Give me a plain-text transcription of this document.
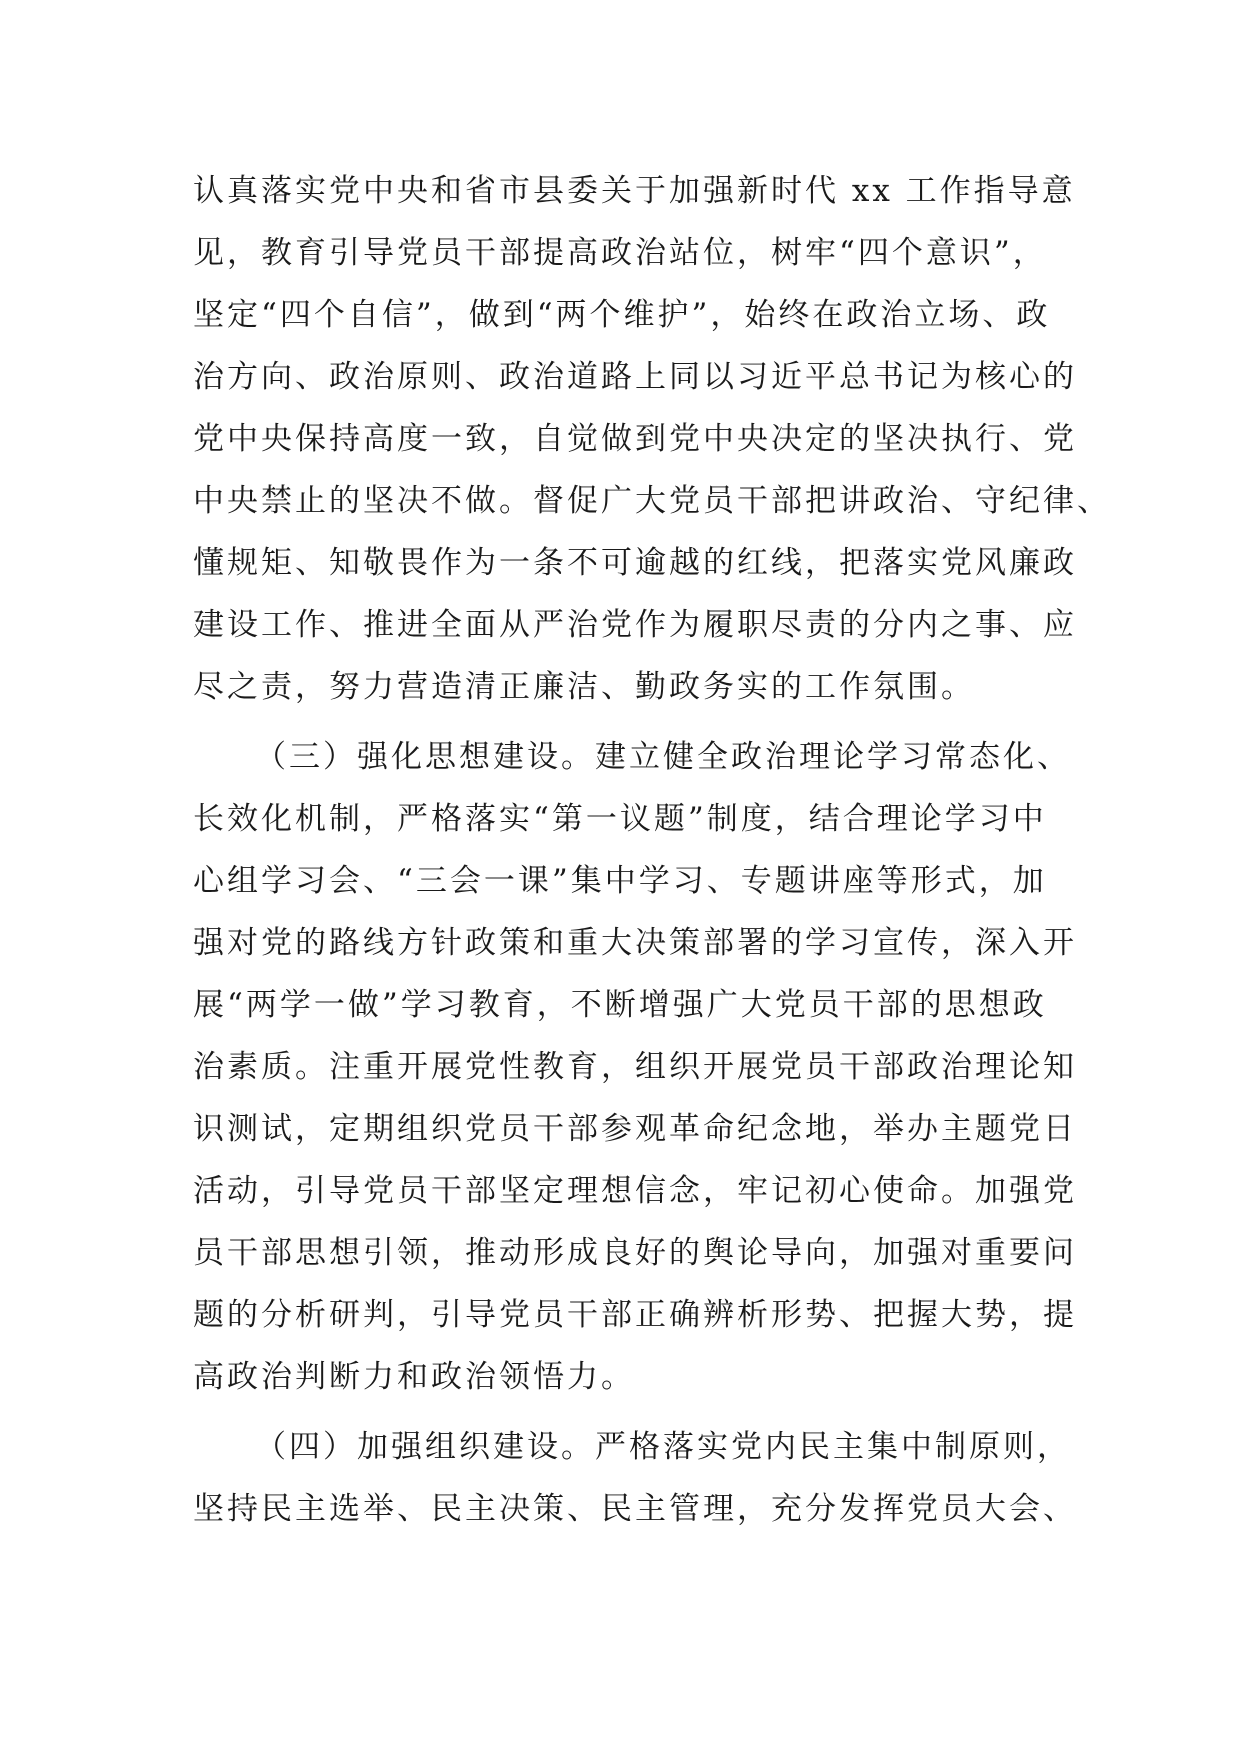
认真落实党中央和省市县委关于加强新时代 xx 工作指导意
见，教育引导党员干部提高政治站位，树牢“四个意识”，
坚定“四个自信”，做到“两个维护”，始终在政治立场、政
治方向、政治原则、政治道路上同以习近平总书记为核心的
党中央保持高度一致，自觉做到党中央决定的坚决执行、党
中央禁止的坚决不做。督促广大党员干部把讲政治、守纪律、
懂规矩、知敬畏作为一条不可逾越的红线，把落实党风廉政
建设工作、推进全面从严治党作为履职尽责的分内之事、应
尽之责，努力营造清正廉洁、勤政务实的工作氛围。
（三）强化思想建设。建立健全政治理论学习常态化、
长效化机制，严格落实“第一议题”制度，结合理论学习中
心组学习会、“三会一课”集中学习、专题讲座等形式，加
强对党的路线方针政策和重大决策部署的学习宣传，深入开
展“两学一做”学习教育，不断增强广大党员干部的思想政
治素质。注重开展党性教育，组织开展党员干部政治理论知
识测试，定期组织党员干部参观革命纪念地，举办主题党日
活动，引导党员干部坚定理想信念，牢记初心使命。加强党
员干部思想引领，推动形成良好的舆论导向，加强对重要问
题的分析研判，引导党员干部正确辨析形势、把握大势，提
高政治判断力和政治领悟力。
（四）加强组织建设。严格落实党内民主集中制原则，
坚持民主选举、民主决策、民主管理，充分发挥党员大会、
